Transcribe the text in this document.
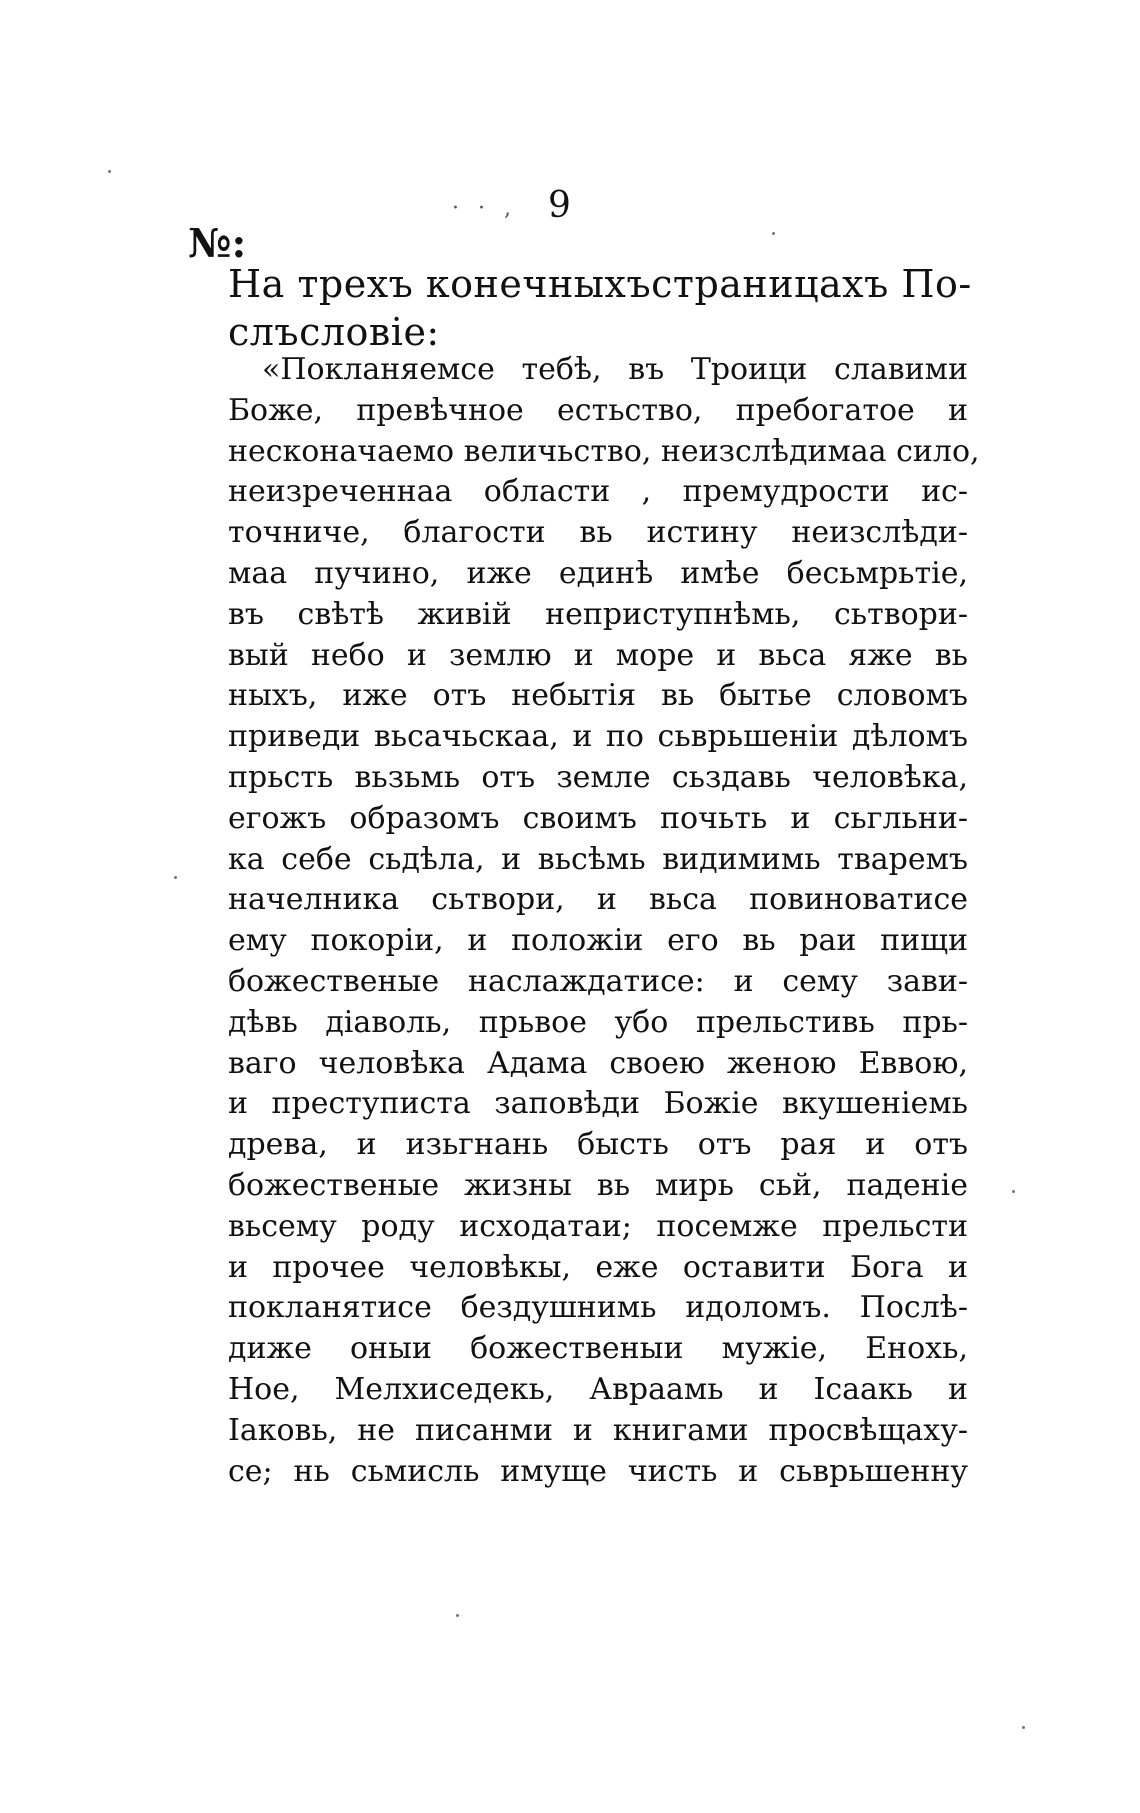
· · , 9
№:
На трехъ конечныхъстраницахъ По-
слъсловіе:
«Покланяемсе тебѣ, въ Троици славими
Боже, превѣчное естьство, пребогатое и
несконачаемо величьство, неизслѣдимаа сило,
неизреченнаа области , премудрости ис-
точниче, благости вь истину неизслѣди-
маа пучино, иже единѣ имѣе бесьмрьтіе,
въ свѣтѣ живій неприступнѣмь, сьтвори-
вый небо и землю и море и вьса яже вь
ныхъ, иже отъ небытія вь бытье словомъ
приведи вьсачьскаа, и по сьврьшеніи дѣломъ
прьсть вьзьмь отъ земле сьздавь человѣка,
егожъ образомъ своимъ почьть и сьгльни-
ка себе сьдѣла, и вьсѣмь видимимь тваремъ
начелника сьтвори, и вьса повиноватисе
ему покоріи, и положіи его вь раи пищи
божественые наслаждатисе: и сему зави-
дѣвь діаволь, прьвое убо прельстивь прь-
ваго человѣка Адама своею женою Еввою,
и преступиста заповѣди Божіе вкушеніемь
древа, и изьгнань бысть отъ рая и отъ
божественые жизны вь мирь сьй, паденіе
вьсему роду исходатаи; посемже прельсти
и прочее человѣкы, еже оставити Бога и
покланятисе бездушнимь идоломъ. Послѣ-
диже оныи божественыи мужіе, Енохь,
Ное, Мелхиседекь, Авраамь и Ісаакь и
Іаковь, не писанми и книгами просвѣщаху-
се; нь сьмисль имуще чисть и сьврьшенну
